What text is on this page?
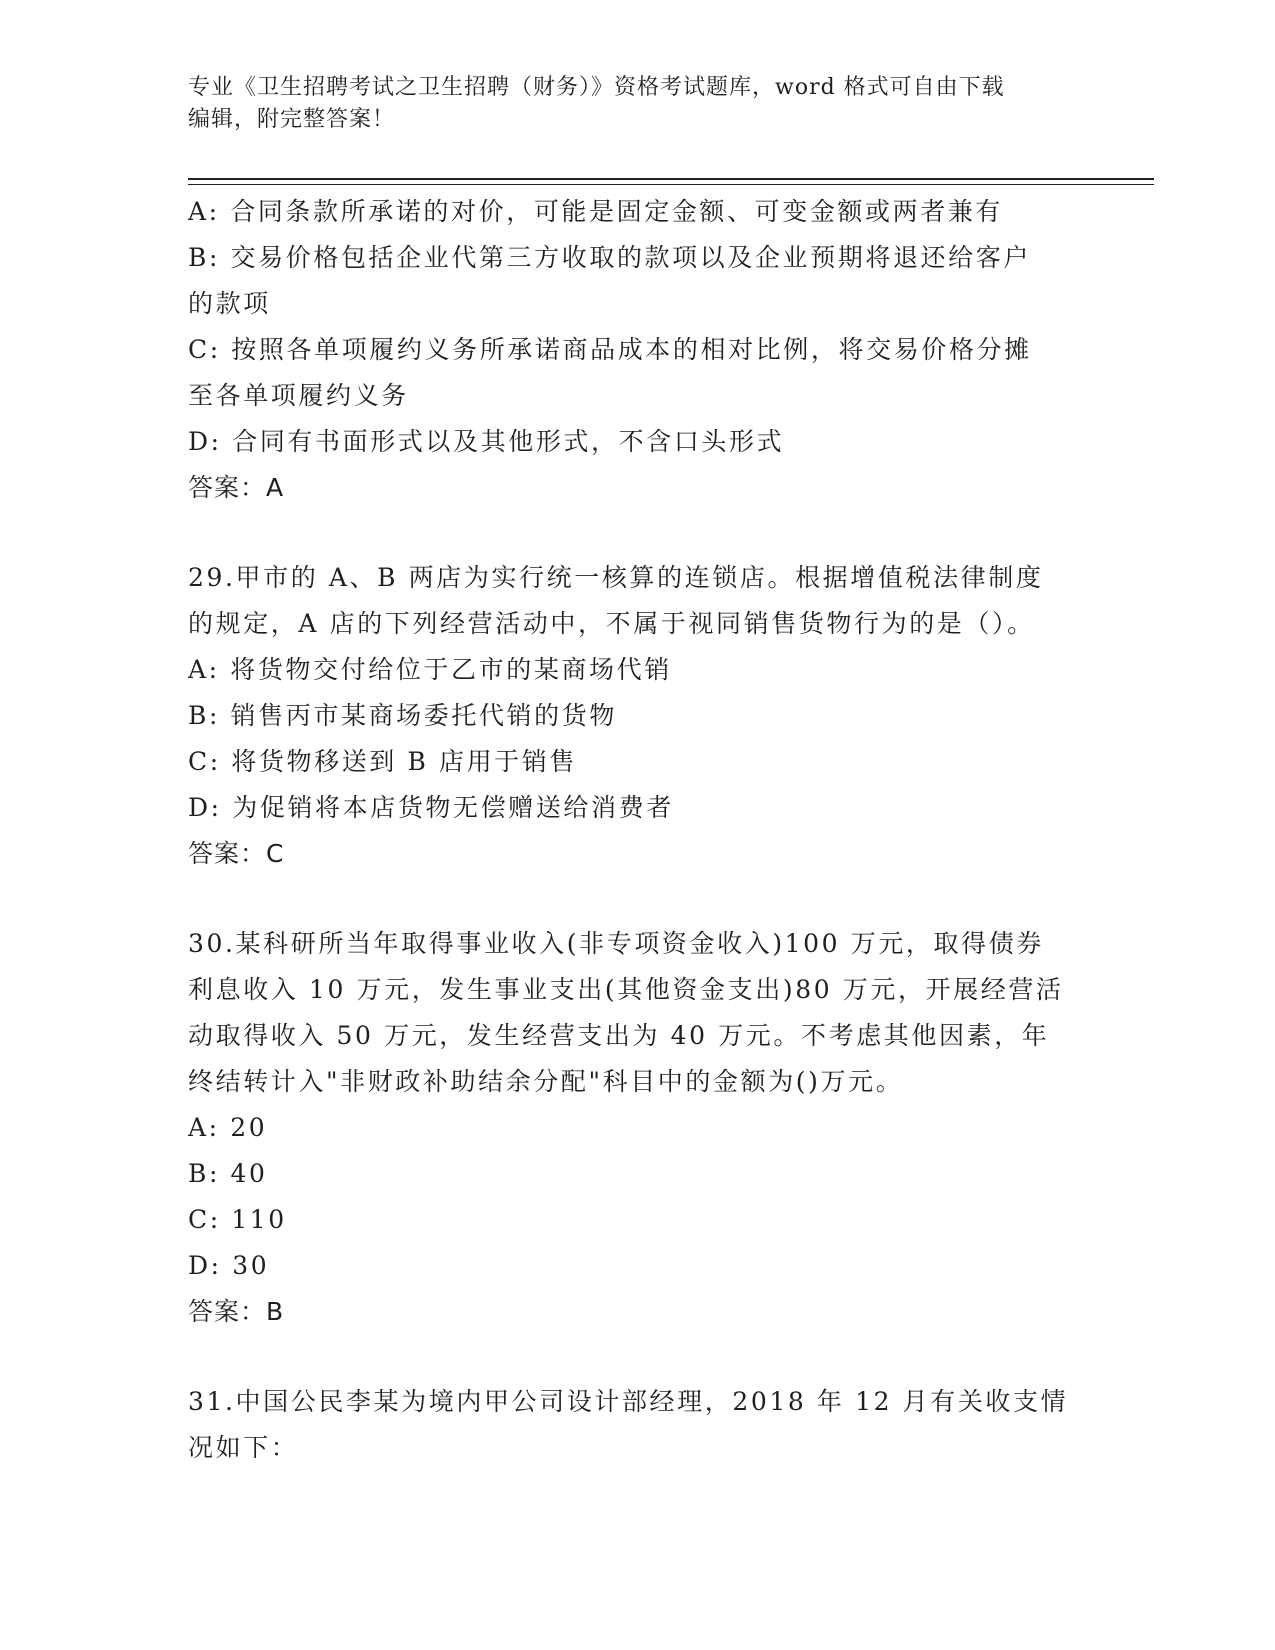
专业《卫生招聘考试之卫生招聘（财务）》资格考试题库，word 格式可自由下载
编辑，附完整答案！
A: 合同条款所承诺的对价，可能是固定金额、可变金额或两者兼有
B: 交易价格包括企业代第三方收取的款项以及企业预期将退还给客户
的款项
C: 按照各单项履约义务所承诺商品成本的相对比例，将交易价格分摊
至各单项履约义务
D: 合同有书面形式以及其他形式，不含口头形式
答案：A
29.甲市的 A、B 两店为实行统一核算的连锁店。根据增值税法律制度
的规定，A 店的下列经营活动中，不属于视同销售货物行为的是（）。
A: 将货物交付给位于乙市的某商场代销
B: 销售丙市某商场委托代销的货物
C: 将货物移送到 B 店用于销售
D: 为促销将本店货物无偿赠送给消费者
答案：C
30.某科研所当年取得事业收入(非专项资金收入)100 万元，取得债券
利息收入 10 万元，发生事业支出(其他资金支出)80 万元，开展经营活
动取得收入 50 万元，发生经营支出为 40 万元。不考虑其他因素，年
终结转计入"非财政补助结余分配"科目中的金额为()万元。
A: 20
B: 40
C: 110
D: 30
答案：B
31.中国公民李某为境内甲公司设计部经理，2018 年 12 月有关收支情
况如下：
